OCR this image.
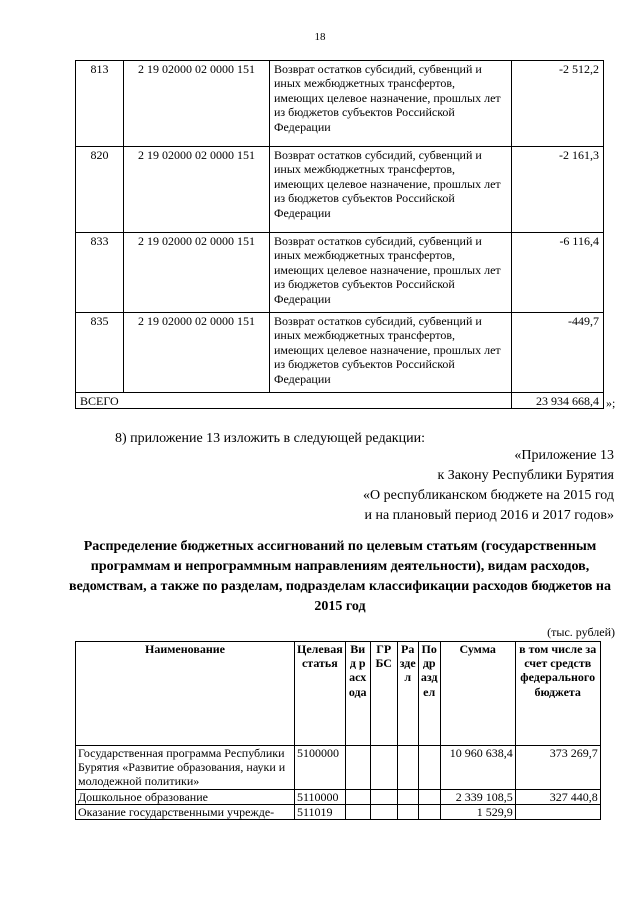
18
813	2 19 02000 02 0000 151	Возврат остатков субсидий, субвенций и иных межбюджетных трансфертов, имеющих целевое назначение, прошлых лет из бюджетов субъектов Российской Федерации	-2 512,2
820	2 19 02000 02 0000 151	Возврат остатков субсидий, субвенций и иных межбюджетных трансфертов, имеющих целевое назначение, прошлых лет из бюджетов субъектов Российской Федерации	-2 161,3
833	2 19 02000 02 0000 151	Возврат остатков субсидий, субвенций и иных межбюджетных трансфертов, имеющих целевое назначение, прошлых лет из бюджетов субъектов Российской Федерации	-6 116,4
835	2 19 02000 02 0000 151	Возврат остатков субсидий, субвенций и иных межбюджетных трансфертов, имеющих целевое назначение, прошлых лет из бюджетов субъектов Российской Федерации	-449,7
ВСЕГО			23 934 668,4 »;
8) приложение 13 изложить в следующей редакции:
«Приложение 13
к Закону Республики Бурятия
«О республиканском бюджете на 2015 год
и на плановый период 2016 и 2017 годов»
Распределение бюджетных ассигнований по целевым статьям (государственным программам и непрограммным направлениям деятельности), видам расходов, ведомствам, а также по разделам, подразделам классификации расходов бюджетов на 2015 год
(тыс. рублей)
Наименование	Целевая статья	Вид расхода	ГР БС	Раздел	Подраздел	Сумма	в том числе за счет средств федерального бюджета
Государственная программа Республики Бурятия «Развитие образования, науки и молодежной политики»	5100000					10 960 638,4	373 269,7
Дошкольное образование	5110000					2 339 108,5	327 440,8
Оказание государственными учрежде-	511019					1 529,9	
